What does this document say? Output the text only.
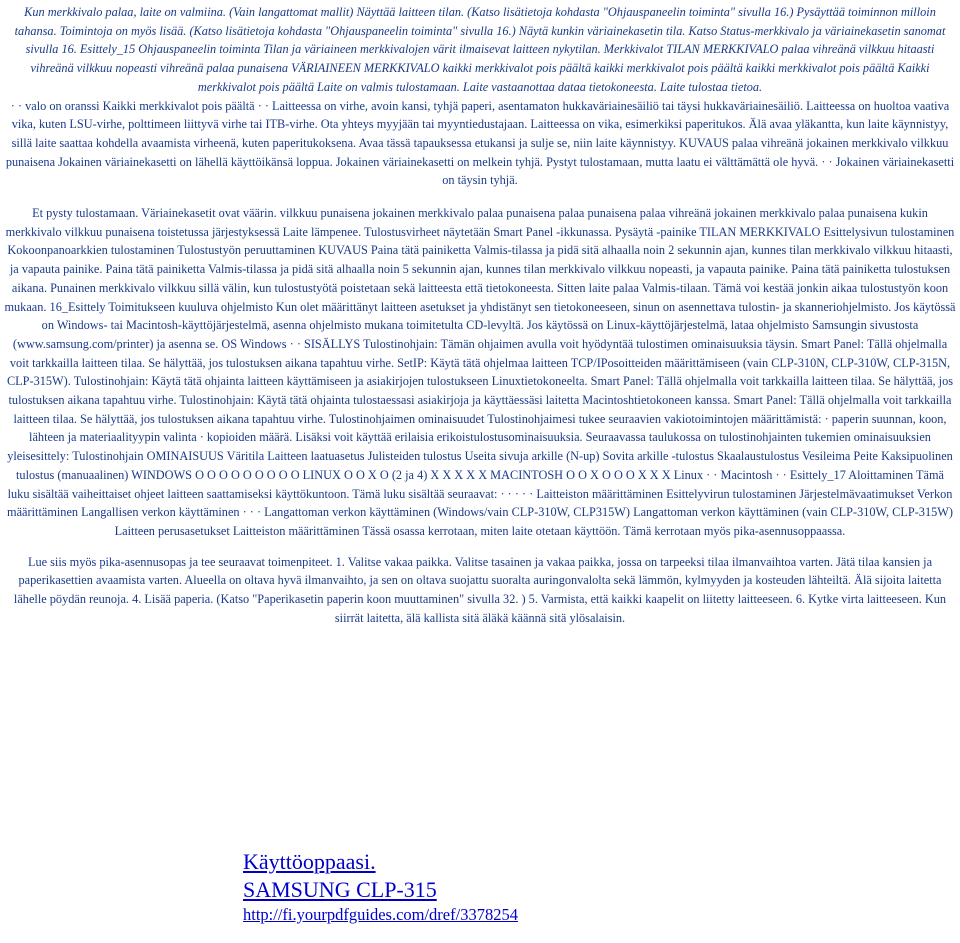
Kun merkkivalo palaa, laite on valmiina. (Vain langattomat mallit) Näyttää laitteen tilan. (Katso lisätietoja kohdasta "Ohjauspaneelin toiminta" sivulla 16.) Pysäyttää toiminnon milloin tahansa. Toimintoja on myös lisää. (Katso lisätietoja kohdasta "Ohjauspaneelin toiminta" sivulla 16.) Näytä kunkin väriainekasetin tila. Katso Status-merkkivalo ja väriainekasetin sanomat sivulla 16. Esittely_15 Ohjauspaneelin toiminta Tilan ja väriaineen merkkivalojen värit ilmaisevat laitteen nykytilan. Merkkivalot TILAN MERKKIVALO palaa vihreänä vilkkuu hitaasti vihreänä vilkkuu nopeasti vihreänä palaa punaisena VÄRIAINEEN MERKKIVALO kaikki merkkivalot pois päältä kaikki merkkivalot pois päältä kaikki merkkivalot pois päältä Kaikki merkkivalot pois päältä Laite on valmis tulostamaan. Laite vastaanottaa dataa tietokoneesta. Laite tulostaa tietoa.

· · valo on oranssi Kaikki merkkivalot pois päältä · · Laitteessa on virhe, avoin kansi, tyhjä paperi, asentamaton hukkaväriainesäiliö tai täysi hukkaväriainesäiliö. Laitteessa on huoltoa vaativa vika, kuten LSU-virhe, polttimeen liittyvä virhe tai ITB-virhe. Ota yhteys myyjään tai myyntiedustajaan. Laitteessa on vika, esimerkiksi paperitukos. Älä avaa yläkantta, kun laite käynnistyy, sillä laite saattaa kohdella avaamista virheenä, kuten paperitukoksena. Avaa tässä tapauksessa etukansi ja sulje se, niin laite käynnistyy. KUVAUS palaa vihreänä jokainen merkkivalo vilkkuu punaisena Jokainen väriainekasetti on lähellä käyttöikänsä loppua. Jokainen väriainekasetti on melkein tyhjä. Pystyt tulostamaan, mutta laatu ei välttämättä ole hyvä. · · Jokainen väriainekasetti on täysin tyhjä.

Et pysty tulostamaan. Väriainekasetit ovat väärin. vilkkuu punaisena jokainen merkkivalo palaa punaisena palaa punaisena palaa vihreänä jokainen merkkivalo palaa punaisena kukin merkkivalo vilkkuu punaisena toistetussa järjestyksessä Laite lämpenee. Tulostusvirheet näytetään Smart Panel -ikkunassa. Pysäytä -painike TILAN MERKKIVALO Esittelysivun tulostaminen Kokoonpanoarkkien tulostaminen Tulostustyön peruuttaminen KUVAUS Paina tätä painiketta Valmis-tilassa ja pidä sitä alhaalla noin 2 sekunnin ajan, kunnes tilan merkkivalo vilkkuu hitaasti, ja vapauta painike. Paina tätä painiketta Valmis-tilassa ja pidä sitä alhaalla noin 5 sekunnin ajan, kunnes tilan merkkivalo vilkkuu nopeasti, ja vapauta painike. Paina tätä painiketta tulostuksen aikana. Punainen merkkivalo vilkkuu sillä välin, kun tulostustyötä poistetaan sekä laitteesta että tietokoneesta. Sitten laite palaa Valmis-tilaan. Tämä voi kestää jonkin aikaa tulostustyön koon mukaan. 16_Esittely Toimitukseen kuuluva ohjelmisto Kun olet määrittänyt laitteen asetukset ja yhdistänyt sen tietokoneeseen, sinun on asennettava tulostin- ja skanneriohjelmisto. Jos käytössä on Windows- tai Macintosh-käyttöjärjestelmä, asenna ohjelmisto mukana toimitetulta CD-levyltä. Jos käytössä on Linux-käyttöjärjestelmä, lataa ohjelmisto Samsungin sivustosta (www.samsung.com/printer) ja asenna se. OS Windows · · SISÄLLYS Tulostinohjain: Tämän ohjaimen avulla voit hyödyntää tulostimen ominaisuuksia täysin. Smart Panel: Tällä ohjelmalla voit tarkkailla laitteen tilaa. Se hälyttää, jos tulostuksen aikana tapahtuu virhe. SetIP: Käytä tätä ohjelmaa laitteen TCP/IPosoitteiden määrittämiseen (vain CLP-310N, CLP-310W, CLP-315N, CLP-315W). Tulostinohjain: Käytä tätä ohjainta laitteen käyttämiseen ja asiakirjojen tulostukseen Linuxtietokoneelta. Smart Panel: Tällä ohjelmalla voit tarkkailla laitteen tilaa. Se hälyttää, jos tulostuksen aikana tapahtuu virhe. Tulostinohjain: Käytä tätä ohjainta tulostaessasi asiakirjoja ja käyttäessäsi laitetta Macintoshtietokoneen kanssa. Smart Panel: Tällä ohjelmalla voit tarkkailla laitteen tilaa. Se hälyttää, jos tulostuksen aikana tapahtuu virhe. Tulostinohjaimen ominaisuudet Tulostinohjaimesi tukee seuraavien vakiotoimintojen määrittämistä: · paperin suunnan, koon, lähteen ja materiaalityypin valinta · kopioiden määrä. Lisäksi voit käyttää erilaisia erikoistulostusominaisuuksia. Seuraavassa taulukossa on tulostinohjainten tukemien ominaisuuksien yleisesittely: Tulostinohjain OMINAISUUS Väritila Laitteen laatuasetus Julisteiden tulostus Useita sivuja arkille (N-up) Sovita arkille -tulostus Skaalaustulostus Vesileima Peite Kaksipuolinen tulostus (manuaalinen) WINDOWS O O O O O O O O O LINUX O O X O (2 ja 4) X X X X X MACINTOSH O O X O O O X X X Linux · · Macintosh · · Esittely_17 Aloittaminen Tämä luku sisältää vaiheittaiset ohjeet laitteen saattamiseksi käyttökuntoon. Tämä luku sisältää seuraavat: · · · · · Laitteiston määrittäminen Esittelyvirun tulostaminen Järjestelmävaatimukset Verkon määrittäminen Langallisen verkon käyttäminen · · · Langattoman verkon käyttäminen (Windows/vain CLP-310W, CLP315W) Langattoman verkon käyttäminen (vain CLP-310W, CLP-315W) Laitteen perusasetukset Laitteiston määrittäminen Tässä osassa kerrotaan, miten laite otetaan käyttöön. Tämä kerrotaan myös pika-asennusoppaassa.

Lue siis myös pika-asennusopas ja tee seuraavat toimenpiteet. 1. Valitse vakaa paikka. Valitse tasainen ja vakaa paikka, jossa on tarpeeksi tilaa ilmanvaihtoa varten. Jätä tilaa kansien ja paperikasettien avaamista varten. Alueella on oltava hyvä ilmanvaihto, ja sen on oltava suojattu suoralta auringonvalolta sekä lämmön, kylmyyden ja kosteuden lähteiltä. Älä sijoita laitetta lähelle pöydän reunoja. 4. Lisää paperia. (Katso "Paperikasetin paperin koon muuttaminen" sivulla 32. ) 5. Varmista, että kaikki kaapelit on liitetty laitteeseen. 6. Kytke virta laitteeseen. Kun siirrät laitetta, älä kallista sitä äläkä käännä sitä ylösalaisin.

Käyttöoppaasi.
SAMSUNG CLP-315
http://fi.yourpdfguides.com/dref/3378254
